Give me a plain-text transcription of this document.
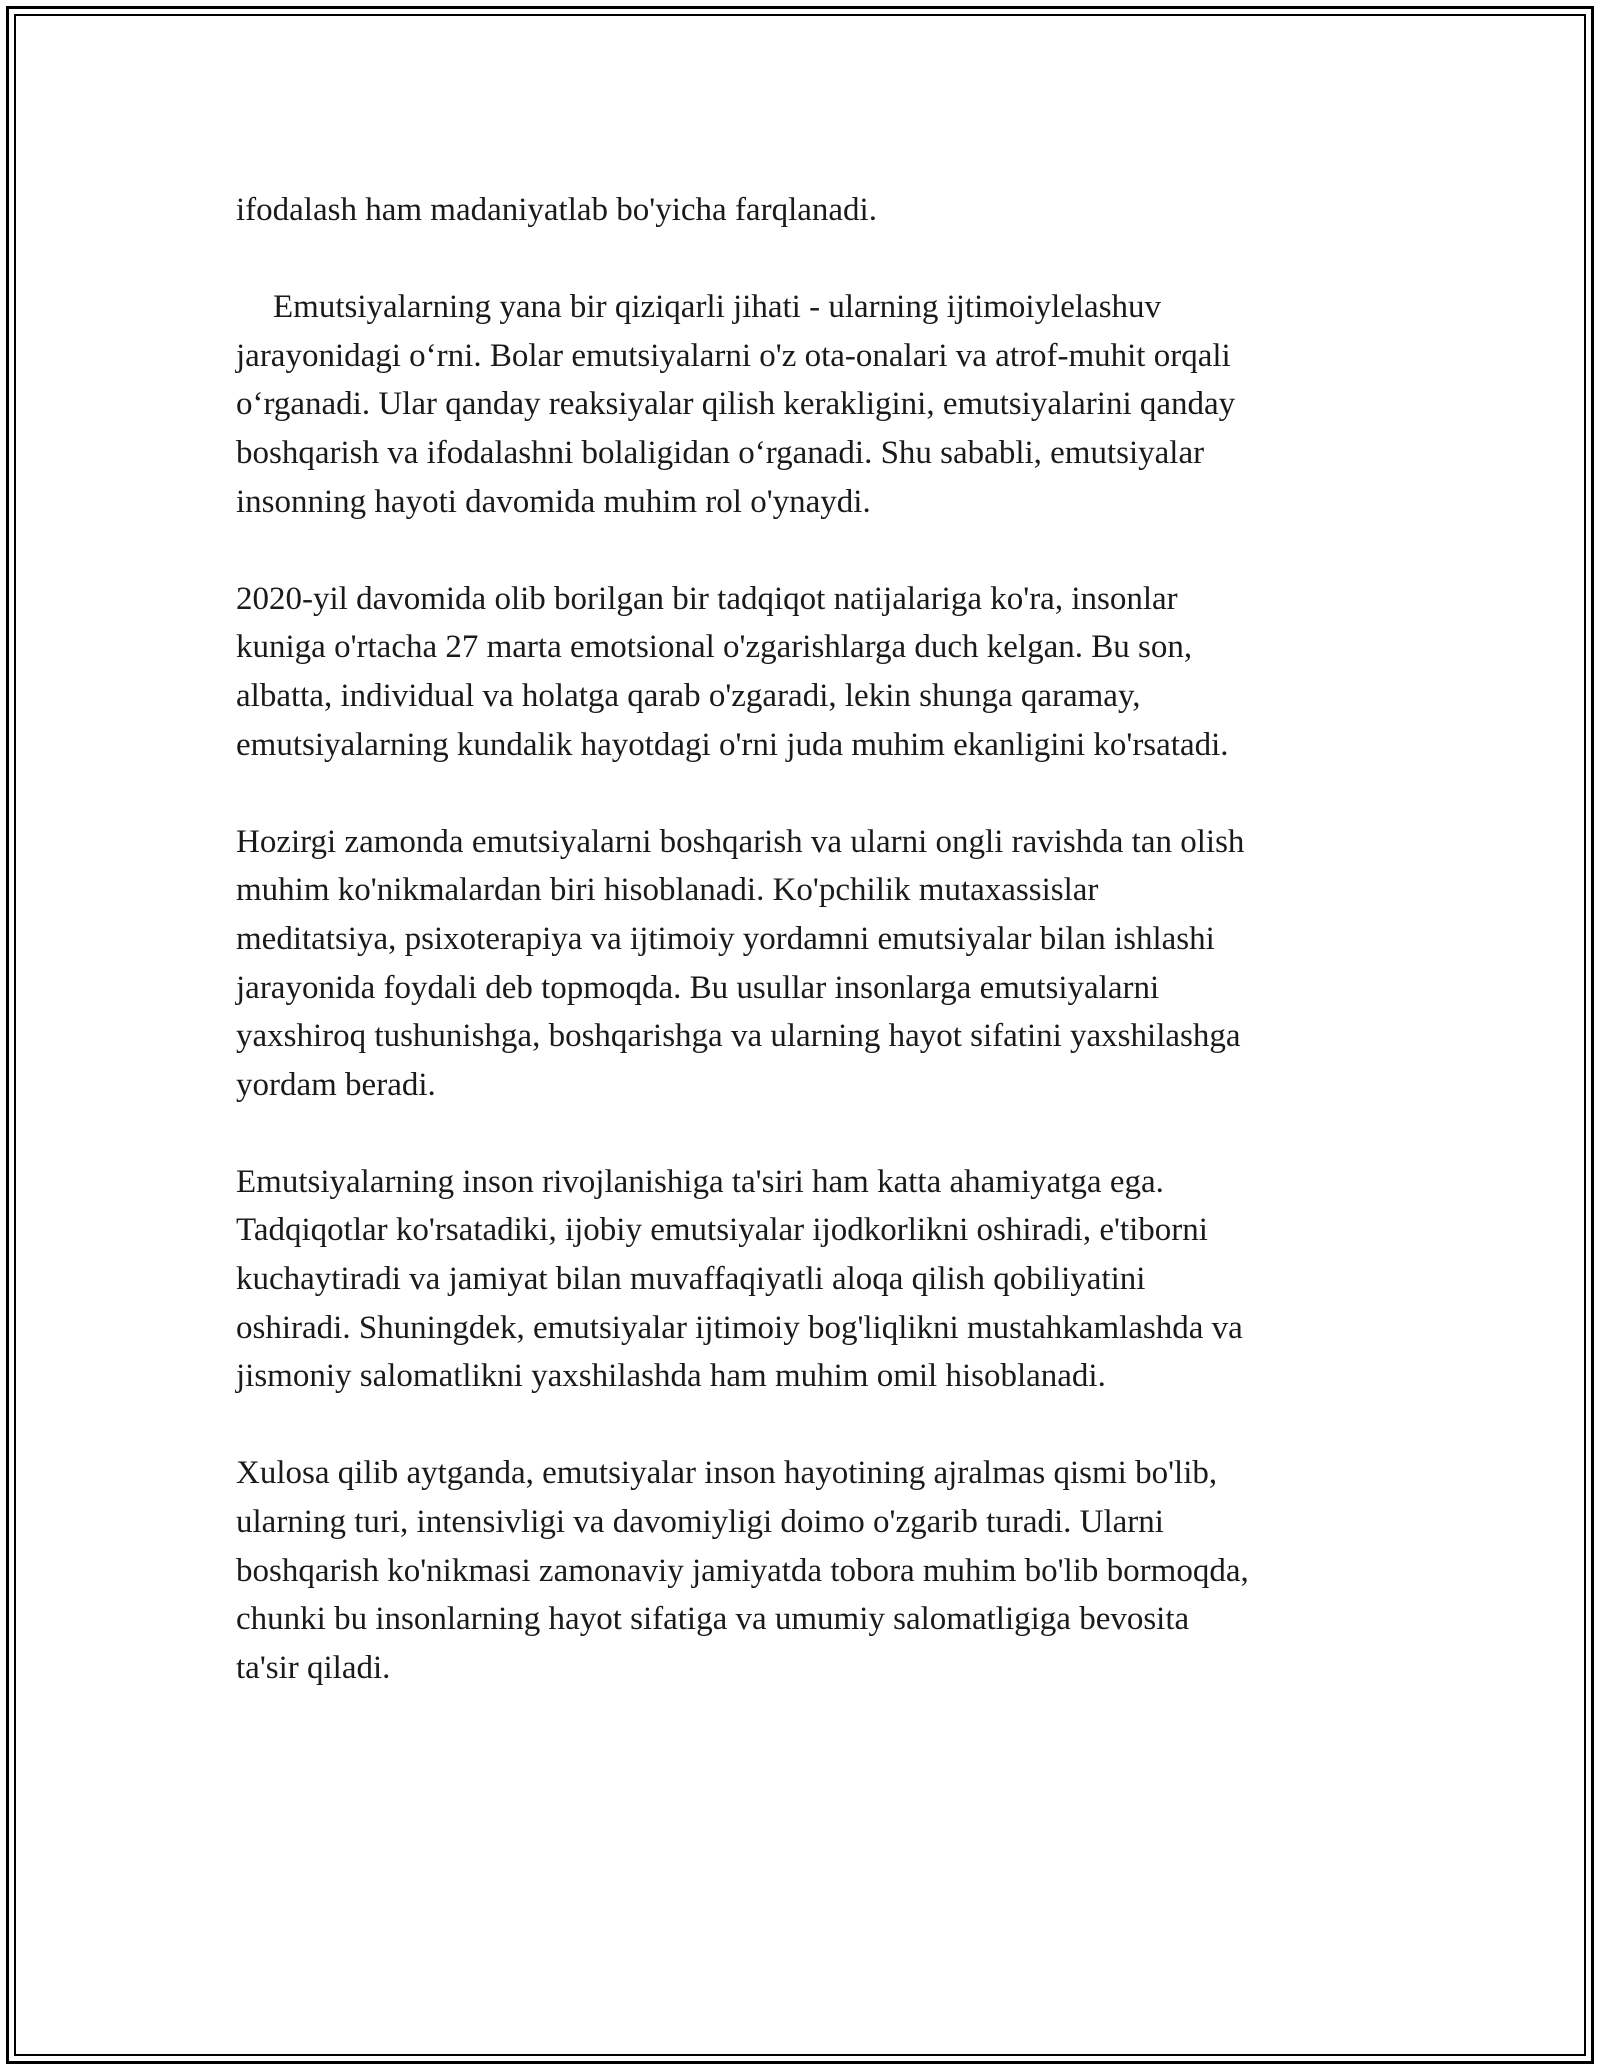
ifodalash ham madaniyatlab bo'yicha farqlanadi.

Emutsiyalarning yana bir qiziqarli jihati - ularning ijtimoiylelashuv
jarayonidagi o‘rni. Bolar emutsiyalarni o'z ota-onalari va atrof-muhit orqali
o‘rganadi. Ular qanday reaksiyalar qilish kerakligini, emutsiyalarini qanday
boshqarish va ifodalashni bolaligidan o‘rganadi. Shu sababli, emutsiyalar
insonning hayoti davomida muhim rol o'ynaydi.

2020-yil davomida olib borilgan bir tadqiqot natijalariga ko'ra, insonlar
kuniga o'rtacha 27 marta emotsional o'zgarishlarga duch kelgan. Bu son,
albatta, individual va holatga qarab o'zgaradi, lekin shunga qaramay,
emutsiyalarning kundalik hayotdagi o'rni juda muhim ekanligini ko'rsatadi.

Hozirgi zamonda emutsiyalarni boshqarish va ularni ongli ravishda tan olish
muhim ko'nikmalardan biri hisoblanadi. Ko'pchilik mutaxassislar
meditatsiya, psixoterapiya va ijtimoiy yordamni emutsiyalar bilan ishlashi
jarayonida foydali deb topmoqda. Bu usullar insonlarga emutsiyalarni
yaxshiroq tushunishga, boshqarishga va ularning hayot sifatini yaxshilashga
yordam beradi.

Emutsiyalarning inson rivojlanishiga ta'siri ham katta ahamiyatga ega.
Tadqiqotlar ko'rsatadiki, ijobiy emutsiyalar ijodkorlikni oshiradi, e'tiborni
kuchaytiradi va jamiyat bilan muvaffaqiyatli aloqa qilish qobiliyatini
oshiradi. Shuningdek, emutsiyalar ijtimoiy bog'liqlikni mustahkamlashda va
jismoniy salomatlikni yaxshilashda ham muhim omil hisoblanadi.

Xulosa qilib aytganda, emutsiyalar inson hayotining ajralmas qismi bo'lib,
ularning turi, intensivligi va davomiyligi doimo o'zgarib turadi. Ularni
boshqarish ko'nikmasi zamonaviy jamiyatda tobora muhim bo'lib bormoqda,
chunki bu insonlarning hayot sifatiga va umumiy salomatligiga bevosita
ta'sir qiladi.
